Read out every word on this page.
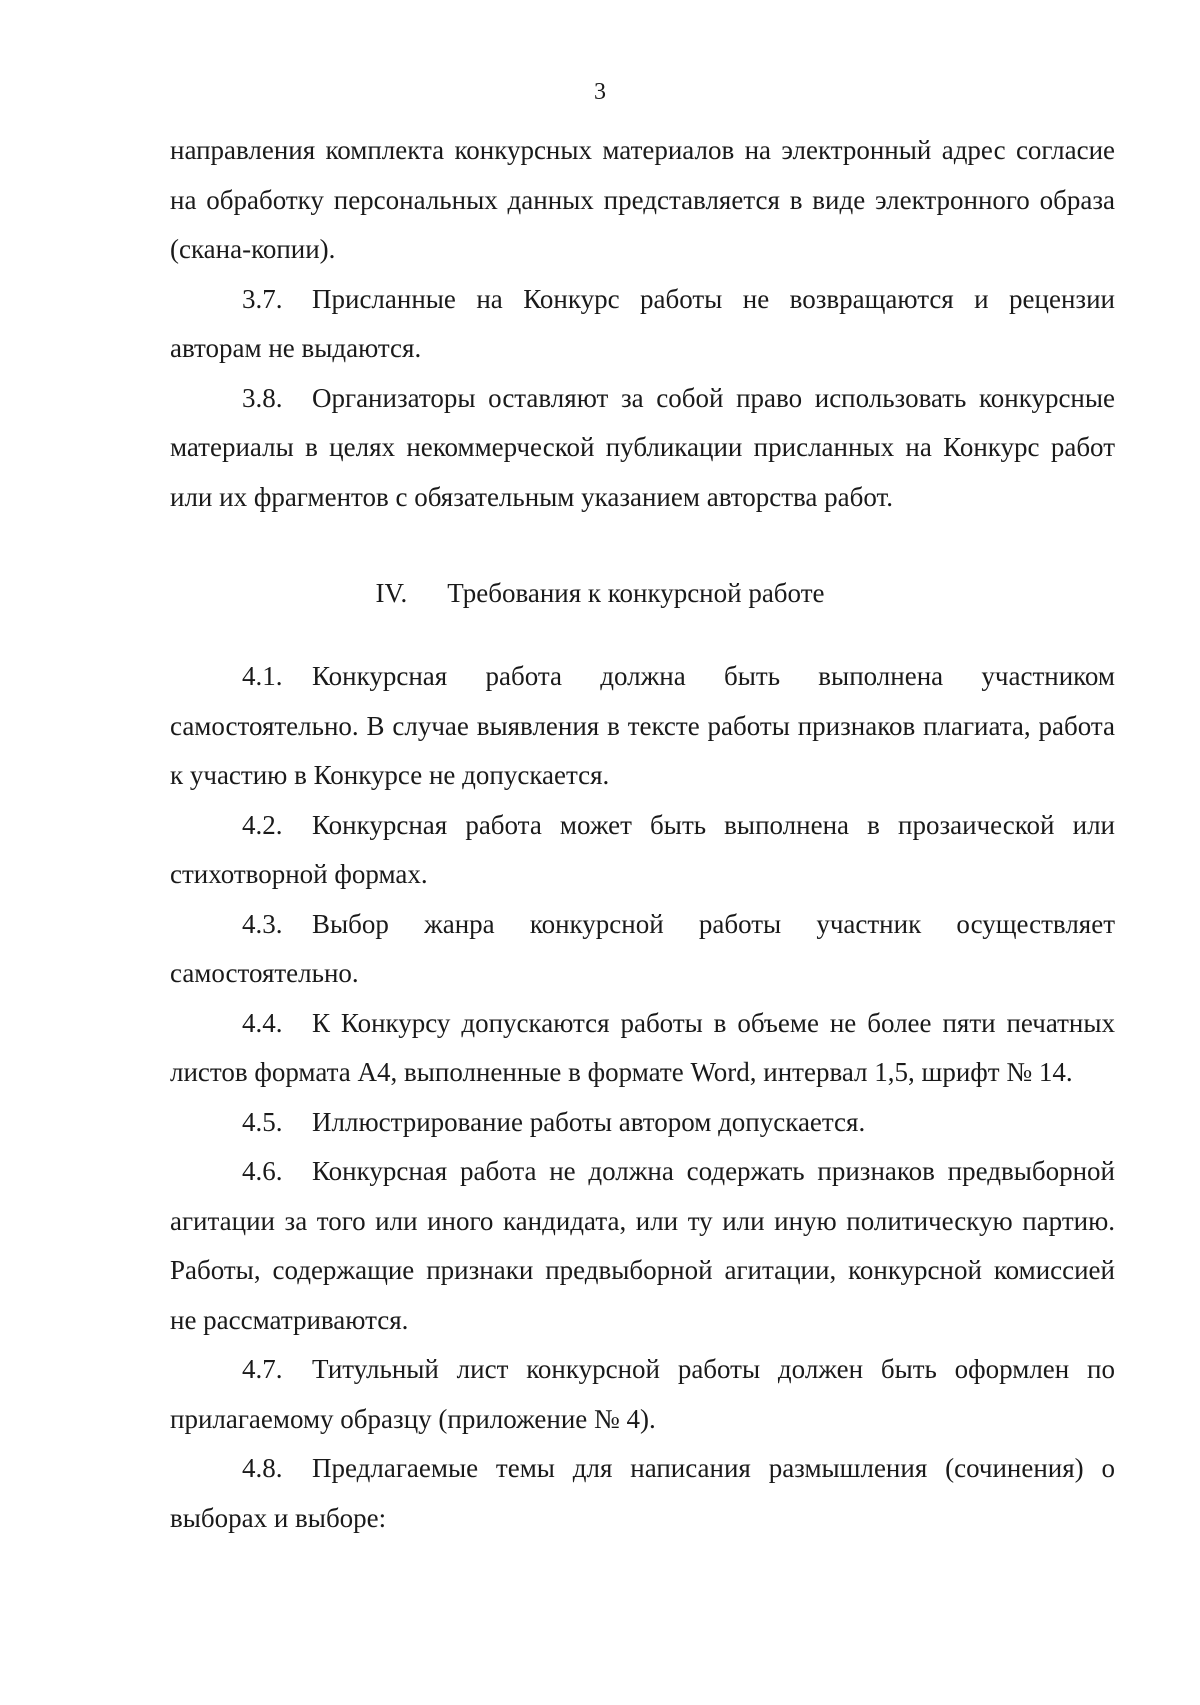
3

направления комплекта конкурсных материалов на электронный адрес согласие на обработку персональных данных представляется в виде электронного образа (скана-копии).

3.7. Присланные на Конкурс работы не возвращаются и рецензии авторам не выдаются.

3.8. Организаторы оставляют за собой право использовать конкурсные материалы в целях некоммерческой публикации присланных на Конкурс работ или их фрагментов с обязательным указанием авторства работ.

IV. Требования к конкурсной работе

4.1. Конкурсная работа должна быть выполнена участником самостоятельно. В случае выявления в тексте работы признаков плагиата, работа к участию в Конкурсе не допускается.

4.2. Конкурсная работа может быть выполнена в прозаической или стихотворной формах.

4.3. Выбор жанра конкурсной работы участник осуществляет самостоятельно.

4.4. К Конкурсу допускаются работы в объеме не более пяти печатных листов формата А4, выполненные в формате Word, интервал 1,5, шрифт № 14.

4.5. Иллюстрирование работы автором допускается.

4.6. Конкурсная работа не должна содержать признаков предвыборной агитации за того или иного кандидата, или ту или иную политическую партию. Работы, содержащие признаки предвыборной агитации, конкурсной комиссией не рассматриваются.

4.7. Титульный лист конкурсной работы должен быть оформлен по прилагаемому образцу (приложение № 4).

4.8. Предлагаемые темы для написания размышления (сочинения) о выборах и выборе:
